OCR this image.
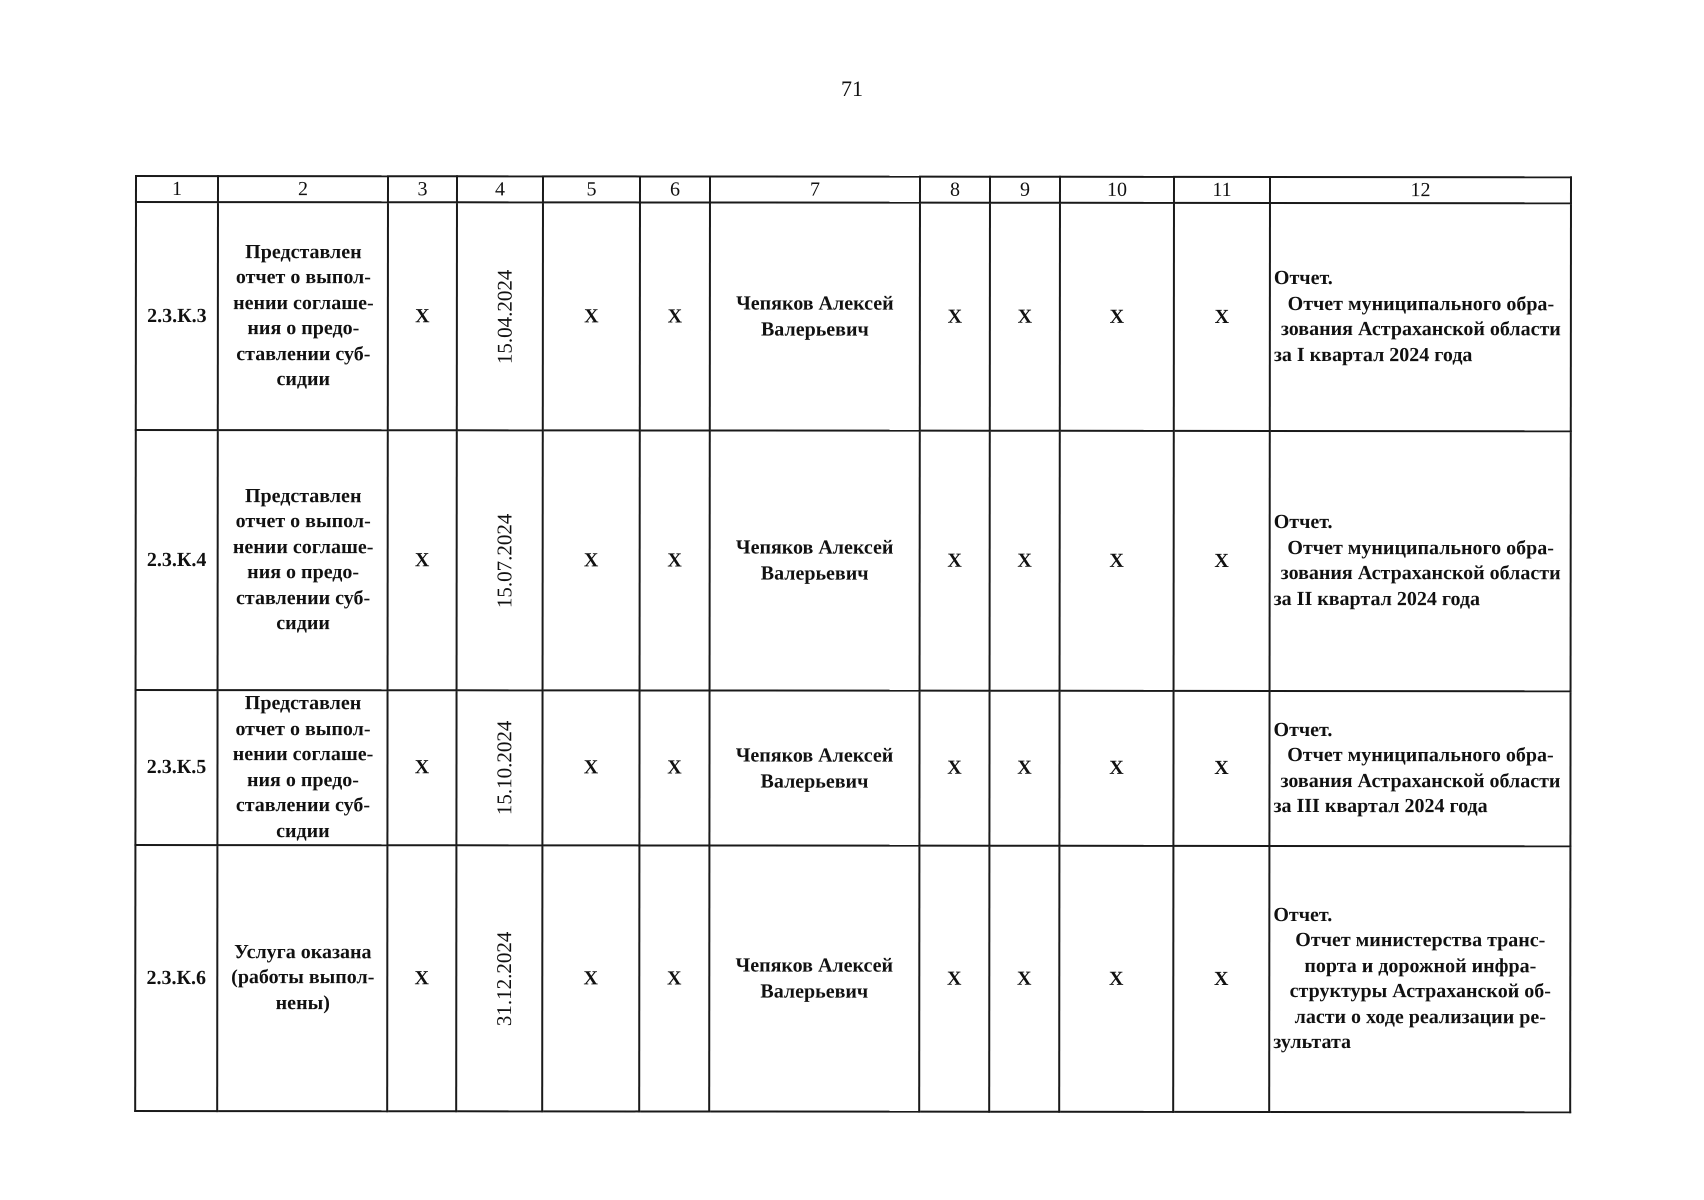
71
1	2	3	4	5	6	7	8	9	10	11	12
2.3.К.3	Представлен отчет о выполнении соглашения о предоставлении субсидии	Х	15.04.2024	Х	Х	Чепяков Алексей Валерьевич	Х	Х	Х	Х	Отчет.
Отчет муниципального образования Астраханской области за I квартал 2024 года

2.3.К.4	Представлен отчет о выполнении соглашения о предоставлении субсидии	Х	15.07.2024	Х	Х	Чепяков Алексей Валерьевич	Х	Х	Х	Х	Отчет.
Отчет муниципального образования Астраханской области за II квартал 2024 года

2.3.К.5	Представлен отчет о выполнении соглашения о предоставлении субсидии	Х	15.10.2024	Х	Х	Чепяков Алексей Валерьевич	Х	Х	Х	Х	Отчет.
Отчет муниципального образования Астраханской области за III квартал 2024 года

2.3.К.6	Услуга оказана (работы выполнены)	Х	31.12.2024	Х	Х	Чепяков Алексей Валерьевич	Х	Х	Х	Х	Отчет.
Отчет министерства транспорта и дорожной инфраструктуры Астраханской области о ходе реализации результата
